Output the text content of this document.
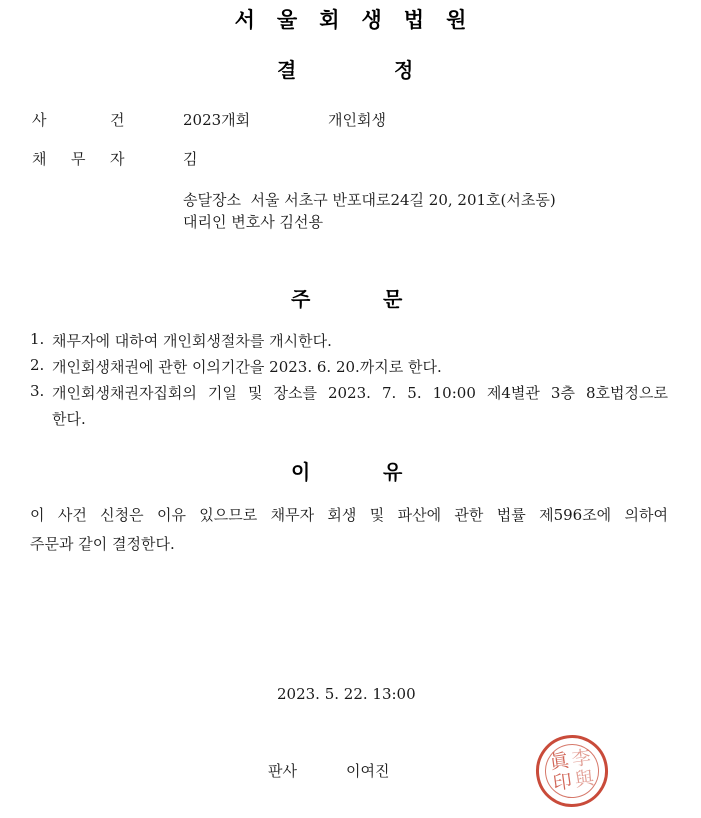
서울회생법원
결	정
사	건	2023개회	개인회생
채 무 자	김
송달장소  서울 서초구 반포대로24길 20, 201호(서초동)
대리인 변호사 김선용
주	문
1. 채무자에 대하여 개인회생절차를 개시한다.
2. 개인회생채권에 관한 이의기간을 2023. 6. 20.까지로 한다.
3. 개인회생채권자집회의 기일 및 장소를 2023. 7. 5. 10:00 제4별관 3층 8호법정으로
한다.
이	유
이 사건 신청은 이유 있으므로 채무자 회생 및 파산에 관한 법률 제596조에 의하여
주문과 같이 결정한다.
2023. 5. 22. 13:00
판사	이여진
李
與
眞
印
